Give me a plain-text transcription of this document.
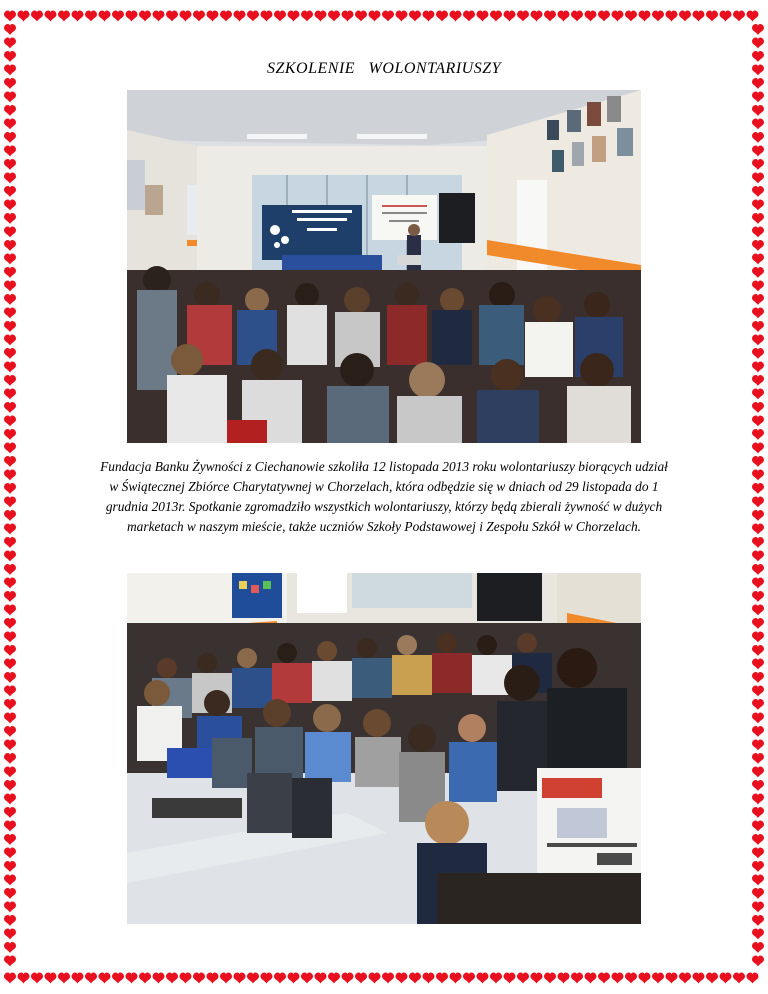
SZKOLENIE   WOLONTARIUSZY
Fundacja Banku Żywności z Ciechanowie szkoliła 12 listopada 2013 roku wolontariuszy biorących udział w Świątecznej Zbiórce Charytatywnej w Chorzelach, która odbędzie się w dniach od 29 listopada do 1 grudnia 2013r. Spotkanie zgromadziło wszystkich wolontariuszy, którzy będą zbierali żywność w dużych marketach w naszym mieście, także uczniów Szkoły Podstawowej i Zespołu Szkół w Chorzelach.
